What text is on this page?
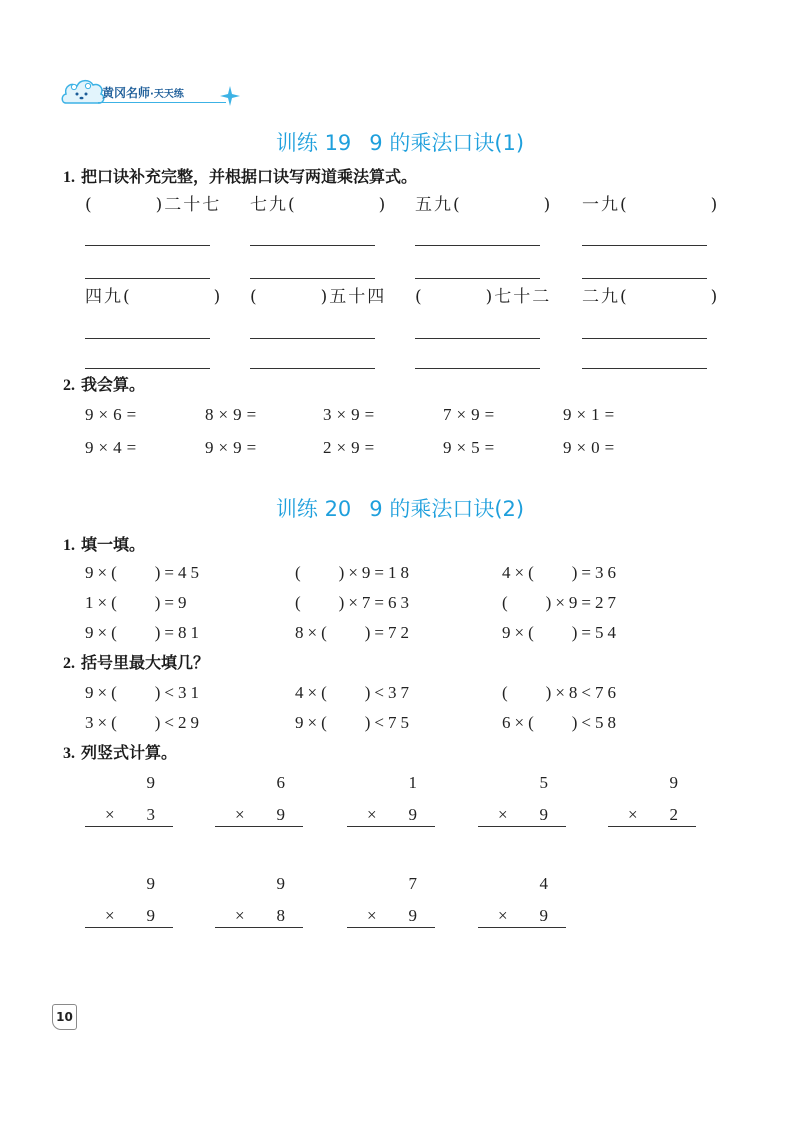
黄冈名师·天天练
训练 19 9 的乘法口诀(1)
1. 把口诀补充完整，并根据口诀写两道乘法算式。
(	)二十七 七九(	) 五九(	) 一九(	)
四九(	) (	)五十四 (	)七十二 二九(	)
2. 我会算。
9×6=	8×9=	3×9=	7×9=	9×1=
9×4=	9×9=	2×9=	9×5=	9×0=
训练 20 9 的乘法口诀(2)
1. 填一填。
9×( )=45	( )×9=18	4×( )=36
1×( )=9	( )×7=63	( )×9=27
9×( )=81	8×( )=72	9×( )=54
2. 括号里最大填几？
9×( )<31	4×( )<37	( )×8<76
3×( )<29	9×( )<75	6×( )<58
3. 列竖式计算。
9
× 3
6
× 9
1
× 9
5
× 9
9
× 2
9
× 9
9
× 8
7
× 9
4
× 9
10
